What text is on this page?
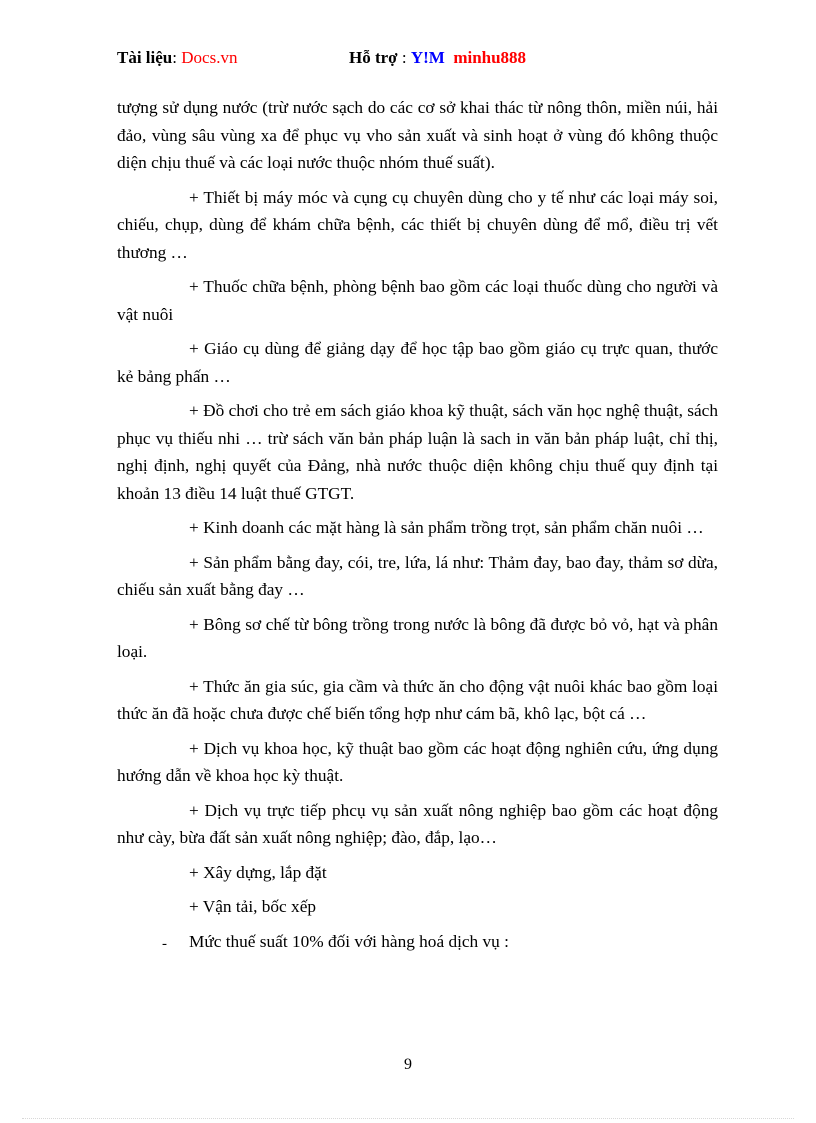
Tài liệu: Docs.vn	Hỗ trợ : Y!M minhu888

tượng sử dụng nước (trừ nước sạch do các cơ sở khai thác từ nông thôn, miền núi, hải đảo, vùng sâu vùng xa để phục vụ vho sản xuất và sinh hoạt ở vùng đó không thuộc diện chịu thuế và các loại nước thuộc nhóm thuế suất).

+ Thiết bị máy móc và cụng cụ chuyên dùng cho y tế như các loại máy soi, chiếu, chụp, dùng để khám chữa bệnh, các thiết bị chuyên dùng để mổ, điều trị vết thương …

+ Thuốc chữa bệnh, phòng bệnh bao gồm các loại thuốc dùng cho người và vật nuôi

+ Giáo cụ dùng để giảng dạy để học tập bao gồm giáo cụ trực quan, thước kẻ bảng phấn …

+ Đồ chơi cho trẻ em sách giáo khoa kỹ thuật, sách văn học nghệ thuật, sách phục vụ thiếu nhi … trừ sách văn bản pháp luận là sach in văn bản pháp luật, chỉ thị, nghị định, nghị quyết của Đảng, nhà nước thuộc diện không chịu thuế quy định tại khoản 13 điều 14 luật thuế GTGT.

+ Kinh doanh các mặt hàng là sản phẩm trồng trọt, sản phẩm chăn nuôi …

+ Sản phẩm bằng đay, cói, tre, lứa, lá như: Thảm đay, bao đay, thảm sơ dừa, chiếu sản xuất bằng đay …

+ Bông sơ chế từ bông trồng trong nước là bông đã được bỏ vỏ, hạt và phân loại.

+ Thức ăn gia súc, gia cầm và thức ăn cho động vật nuôi khác bao gồm loại thức ăn đã hoặc chưa được chế biến tổng hợp như cám bã, khô lạc, bột cá …

+ Dịch vụ khoa học, kỹ thuật bao gồm các hoạt động nghiên cứu, ứng dụng hướng dẫn về khoa học kỳ thuật.

+ Dịch vụ trực tiếp phcụ vụ sản xuất nông nghiệp bao gồm các hoạt động như cày, bừa đất sản xuất nông nghiệp; đào, đắp, lạo…

+ Xây dựng, lắp đặt

+ Vận tải, bốc xếp

- Mức thuế suất 10% đối với hàng hoá dịch vụ :
9
